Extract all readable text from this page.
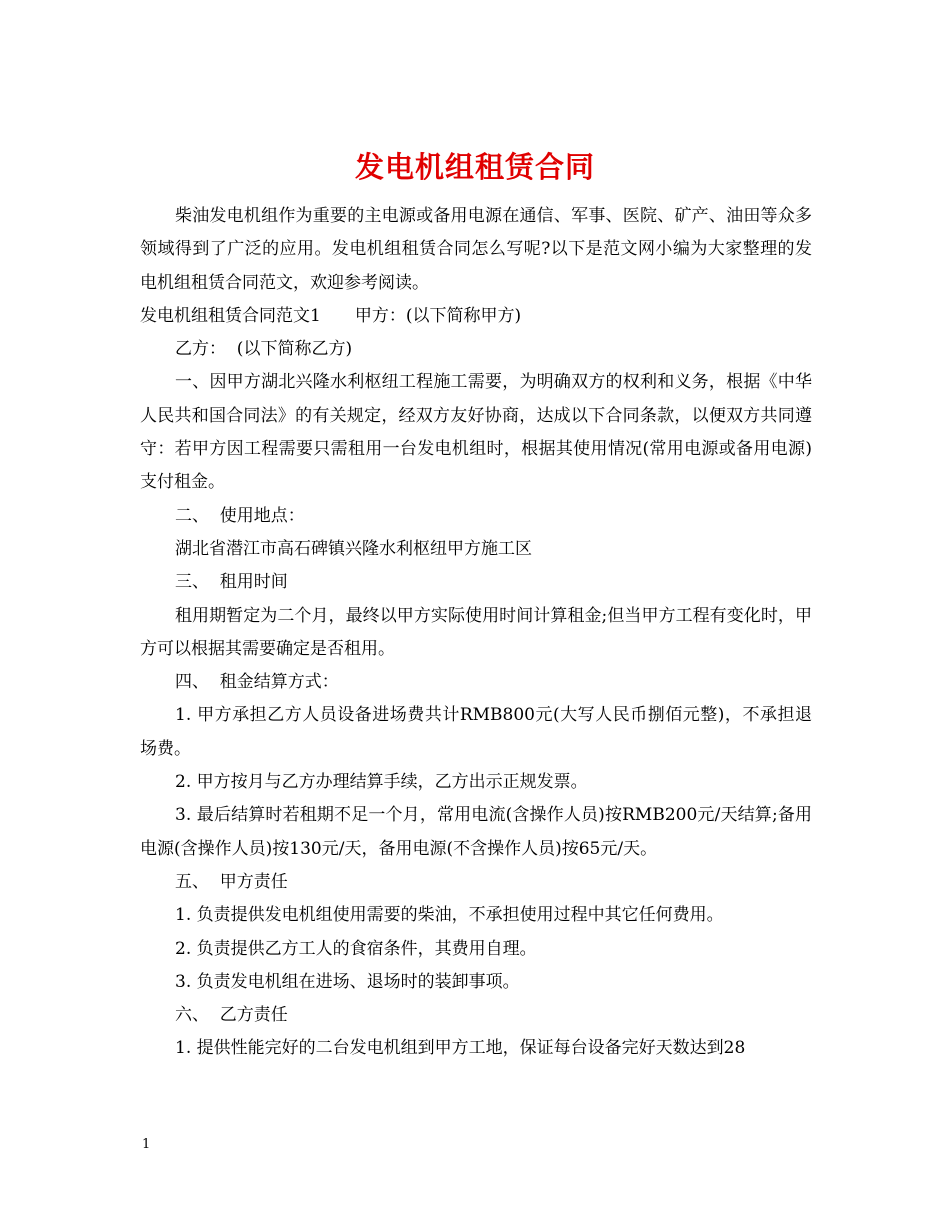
发电机组租赁合同

柴油发电机组作为重要的主电源或备用电源在通信、军事、医院、矿产、油田等众多领域得到了广泛的应用。发电机组租赁合同怎么写呢?以下是范文网小编为大家整理的发电机组租赁合同范文，欢迎参考阅读。

发电机组租赁合同范文1　　甲方：(以下简称甲方)

乙方：  (以下简称乙方)

一、因甲方湖北兴隆水利枢纽工程施工需要，为明确双方的权利和义务，根据《中华人民共和国合同法》的有关规定，经双方友好协商，达成以下合同条款，以便双方共同遵守：若甲方因工程需要只需租用一台发电机组时，根据其使用情况(常用电源或备用电源)支付租金。

二、  使用地点：

湖北省潜江市高石碑镇兴隆水利枢纽甲方施工区

三、  租用时间

租用期暂定为二个月，最终以甲方实际使用时间计算租金;但当甲方工程有变化时，甲方可以根据其需要确定是否租用。

四、  租金结算方式：

1. 甲方承担乙方人员设备进场费共计RMB800元(大写人民币捌佰元整)，不承担退场费。

2. 甲方按月与乙方办理结算手续，乙方出示正规发票。

3. 最后结算时若租期不足一个月，常用电流(含操作人员)按RMB200元/天结算;备用电源(含操作人员)按130元/天，备用电源(不含操作人员)按65元/天。

五、  甲方责任

1. 负责提供发电机组使用需要的柴油，不承担使用过程中其它任何费用。

2. 负责提供乙方工人的食宿条件，其费用自理。

3. 负责发电机组在进场、退场时的装卸事项。

六、  乙方责任

1. 提供性能完好的二台发电机组到甲方工地，保证每台设备完好天数达到28

1
